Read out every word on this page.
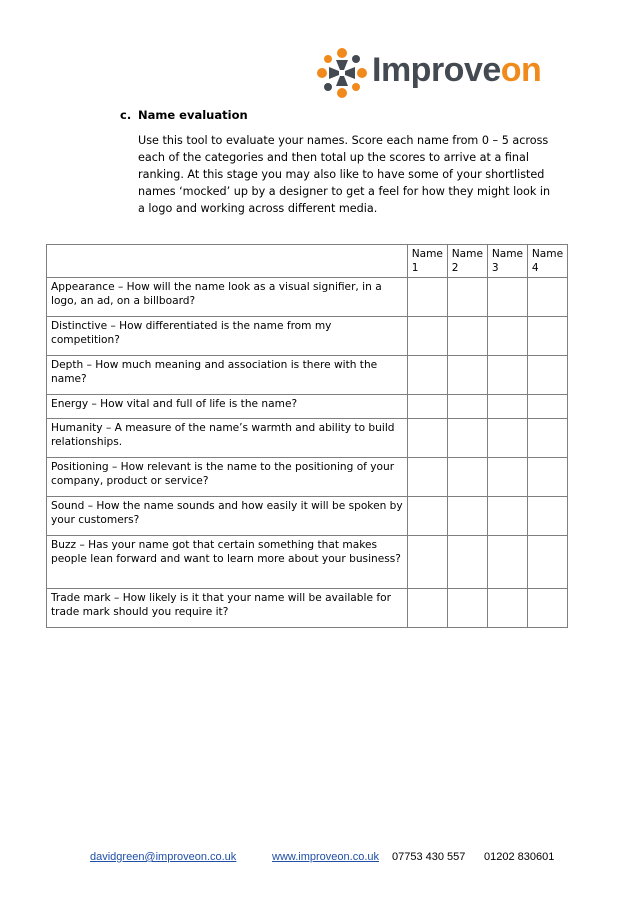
Improveon
c. Name evaluation
Use this tool to evaluate your names. Score each name from 0 – 5 across each of the categories and then total up the scores to arrive at a final ranking. At this stage you may also like to have some of your shortlisted names ‘mocked’ up by a designer to get a feel for how they might look in a logo and working across different media.
	Name 1	Name 2	Name 3	Name 4
Appearance – How will the name look as a visual signifier, in a logo, an ad, on a billboard?				
Distinctive – How differentiated is the name from my competition?				
Depth – How much meaning and association is there with the name?				
Energy – How vital and full of life is the name?				
Humanity – A measure of the name’s warmth and ability to build relationships.				
Positioning – How relevant is the name to the positioning of your company, product or service?				
Sound – How the name sounds and how easily it will be spoken by your customers?				
Buzz – Has your name got that certain something that makes people lean forward and want to learn more about your business?				
Trade mark – How likely is it that your name will be available for trade mark should you require it?				
davidgreen@improveon.co.uk	www.improveon.co.uk 07753 430 557 01202 830601
